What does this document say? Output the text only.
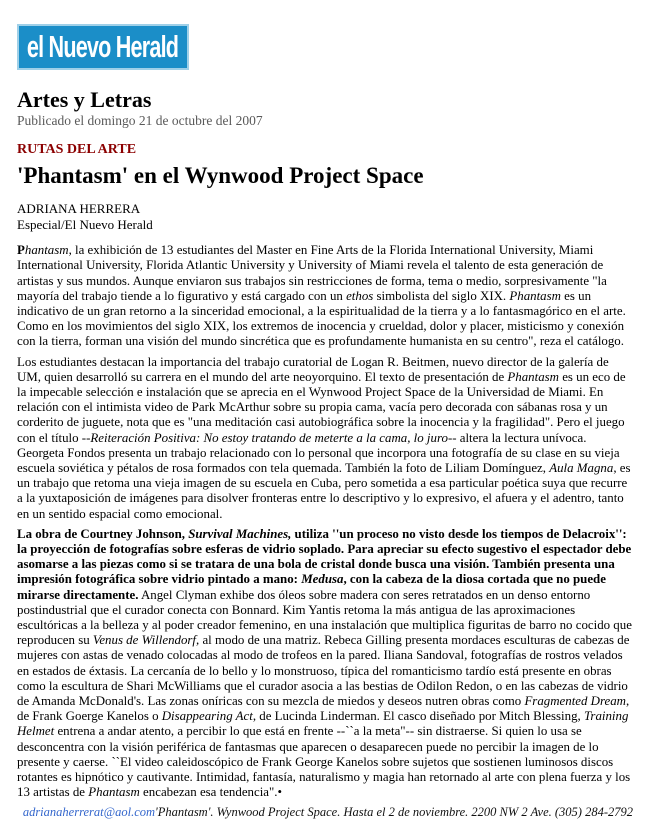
el Nuevo Herald
Artes y Letras
Publicado el domingo 21 de octubre del 2007
RUTAS DEL ARTE
'Phantasm' en el Wynwood Project Space
ADRIANA HERRERA
Especial/El Nuevo Herald

Phantasm, la exhibición de 13 estudiantes del Master en Fine Arts de la Florida International University, Miami International University, Florida Atlantic University y University of Miami revela el talento de esta generación de artistas y sus mundos. Aunque enviaron sus trabajos sin restricciones de forma, tema o medio, sorpresivamente "la mayoría del trabajo tiende a lo figurativo y está cargado con un ethos simbolista del siglo XIX. Phantasm es un indicativo de un gran retorno a la sinceridad emocional, a la espiritualidad de la tierra y a lo fantasmagórico en el arte. Como en los movimientos del siglo XIX, los extremos de inocencia y crueldad, dolor y placer, misticismo y conexión con la tierra, forman una visión del mundo sincrética que es profundamente humanista en su centro", reza el catálogo.

Los estudiantes destacan la importancia del trabajo curatorial de Logan R. Beitmen, nuevo director de la galería de UM, quien desarrolló su carrera en el mundo del arte neoyorquino. El texto de presentación de Phantasm es un eco de la impecable selección e instalación que se aprecia en el Wynwood Project Space de la Universidad de Miami. En relación con el intimista video de Park McArthur sobre su propia cama, vacía pero decorada con sábanas rosa y un corderito de juguete, nota que es "una meditación casi autobiográfica sobre la inocencia y la fragilidad". Pero el juego con el título --Reiteración Positiva: No estoy tratando de meterte a la cama, lo juro-- altera la lectura unívoca. Georgeta Fondos presenta un trabajo relacionado con lo personal que incorpora una fotografía de su clase en su vieja escuela soviética y pétalos de rosa formados con tela quemada. También la foto de Liliam Domínguez, Aula Magna, es un trabajo que retoma una vieja imagen de su escuela en Cuba, pero sometida a esa particular poética suya que recurre a la yuxtaposición de imágenes para disolver fronteras entre lo descriptivo y lo expresivo, el afuera y el adentro, tanto en un sentido espacial como emocional.

La obra de Courtney Johnson, Survival Machines, utiliza ''un proceso no visto desde los tiempos de Delacroix'': la proyección de fotografías sobre esferas de vidrio soplado. Para apreciar su efecto sugestivo el espectador debe asomarse a las piezas como si se tratara de una bola de cristal donde busca una visión. También presenta una impresión fotográfica sobre vidrio pintado a mano: Medusa, con la cabeza de la diosa cortada que no puede mirarse directamente. Angel Clyman exhibe dos óleos sobre madera con seres retratados en un denso entorno postindustrial que el curador conecta con Bonnard. Kim Yantis retoma la más antigua de las aproximaciones escultóricas a la belleza y al poder creador femenino, en una instalación que multiplica figuritas de barro no cocido que reproducen su Venus de Willendorf, al modo de una matriz. Rebeca Gilling presenta mordaces esculturas de cabezas de mujeres con astas de venado colocadas al modo de trofeos en la pared. Iliana Sandoval, fotografías de rostros velados en estados de éxtasis. La cercanía de lo bello y lo monstruoso, típica del romanticismo tardío está presente en obras como la escultura de Shari McWilliams que el curador asocia a las bestias de Odilon Redon, o en las cabezas de vidrio de Amanda McDonald's. Las zonas oníricas con su mezcla de miedos y deseos nutren obras como Fragmented Dream, de Frank Goerge Kanelos o Disappearing Act, de Lucinda Linderman. El casco diseñado por Mitch Blessing, Training Helmet entrena a andar atento, a percibir lo que está en frente --``a la meta"-- sin distraerse. Si quien lo usa se desconcentra con la visión periférica de fantasmas que aparecen o desaparecen puede no percibir la imagen de lo presente y caerse. ``El video caleidoscópico de Frank George Kanelos sobre sujetos que sostienen luminosos discos rotantes es hipnótico y cautivante. Intimidad, fantasía, naturalismo y magia han retornado al arte con plena fuerza y los 13 artistas de Phantasm encabezan esa tendencia".•

adrianaherrerat@aol.com'Phantasm'. Wynwood Project Space. Hasta el 2 de noviembre. 2200 NW 2 Ave. (305) 284-2792
